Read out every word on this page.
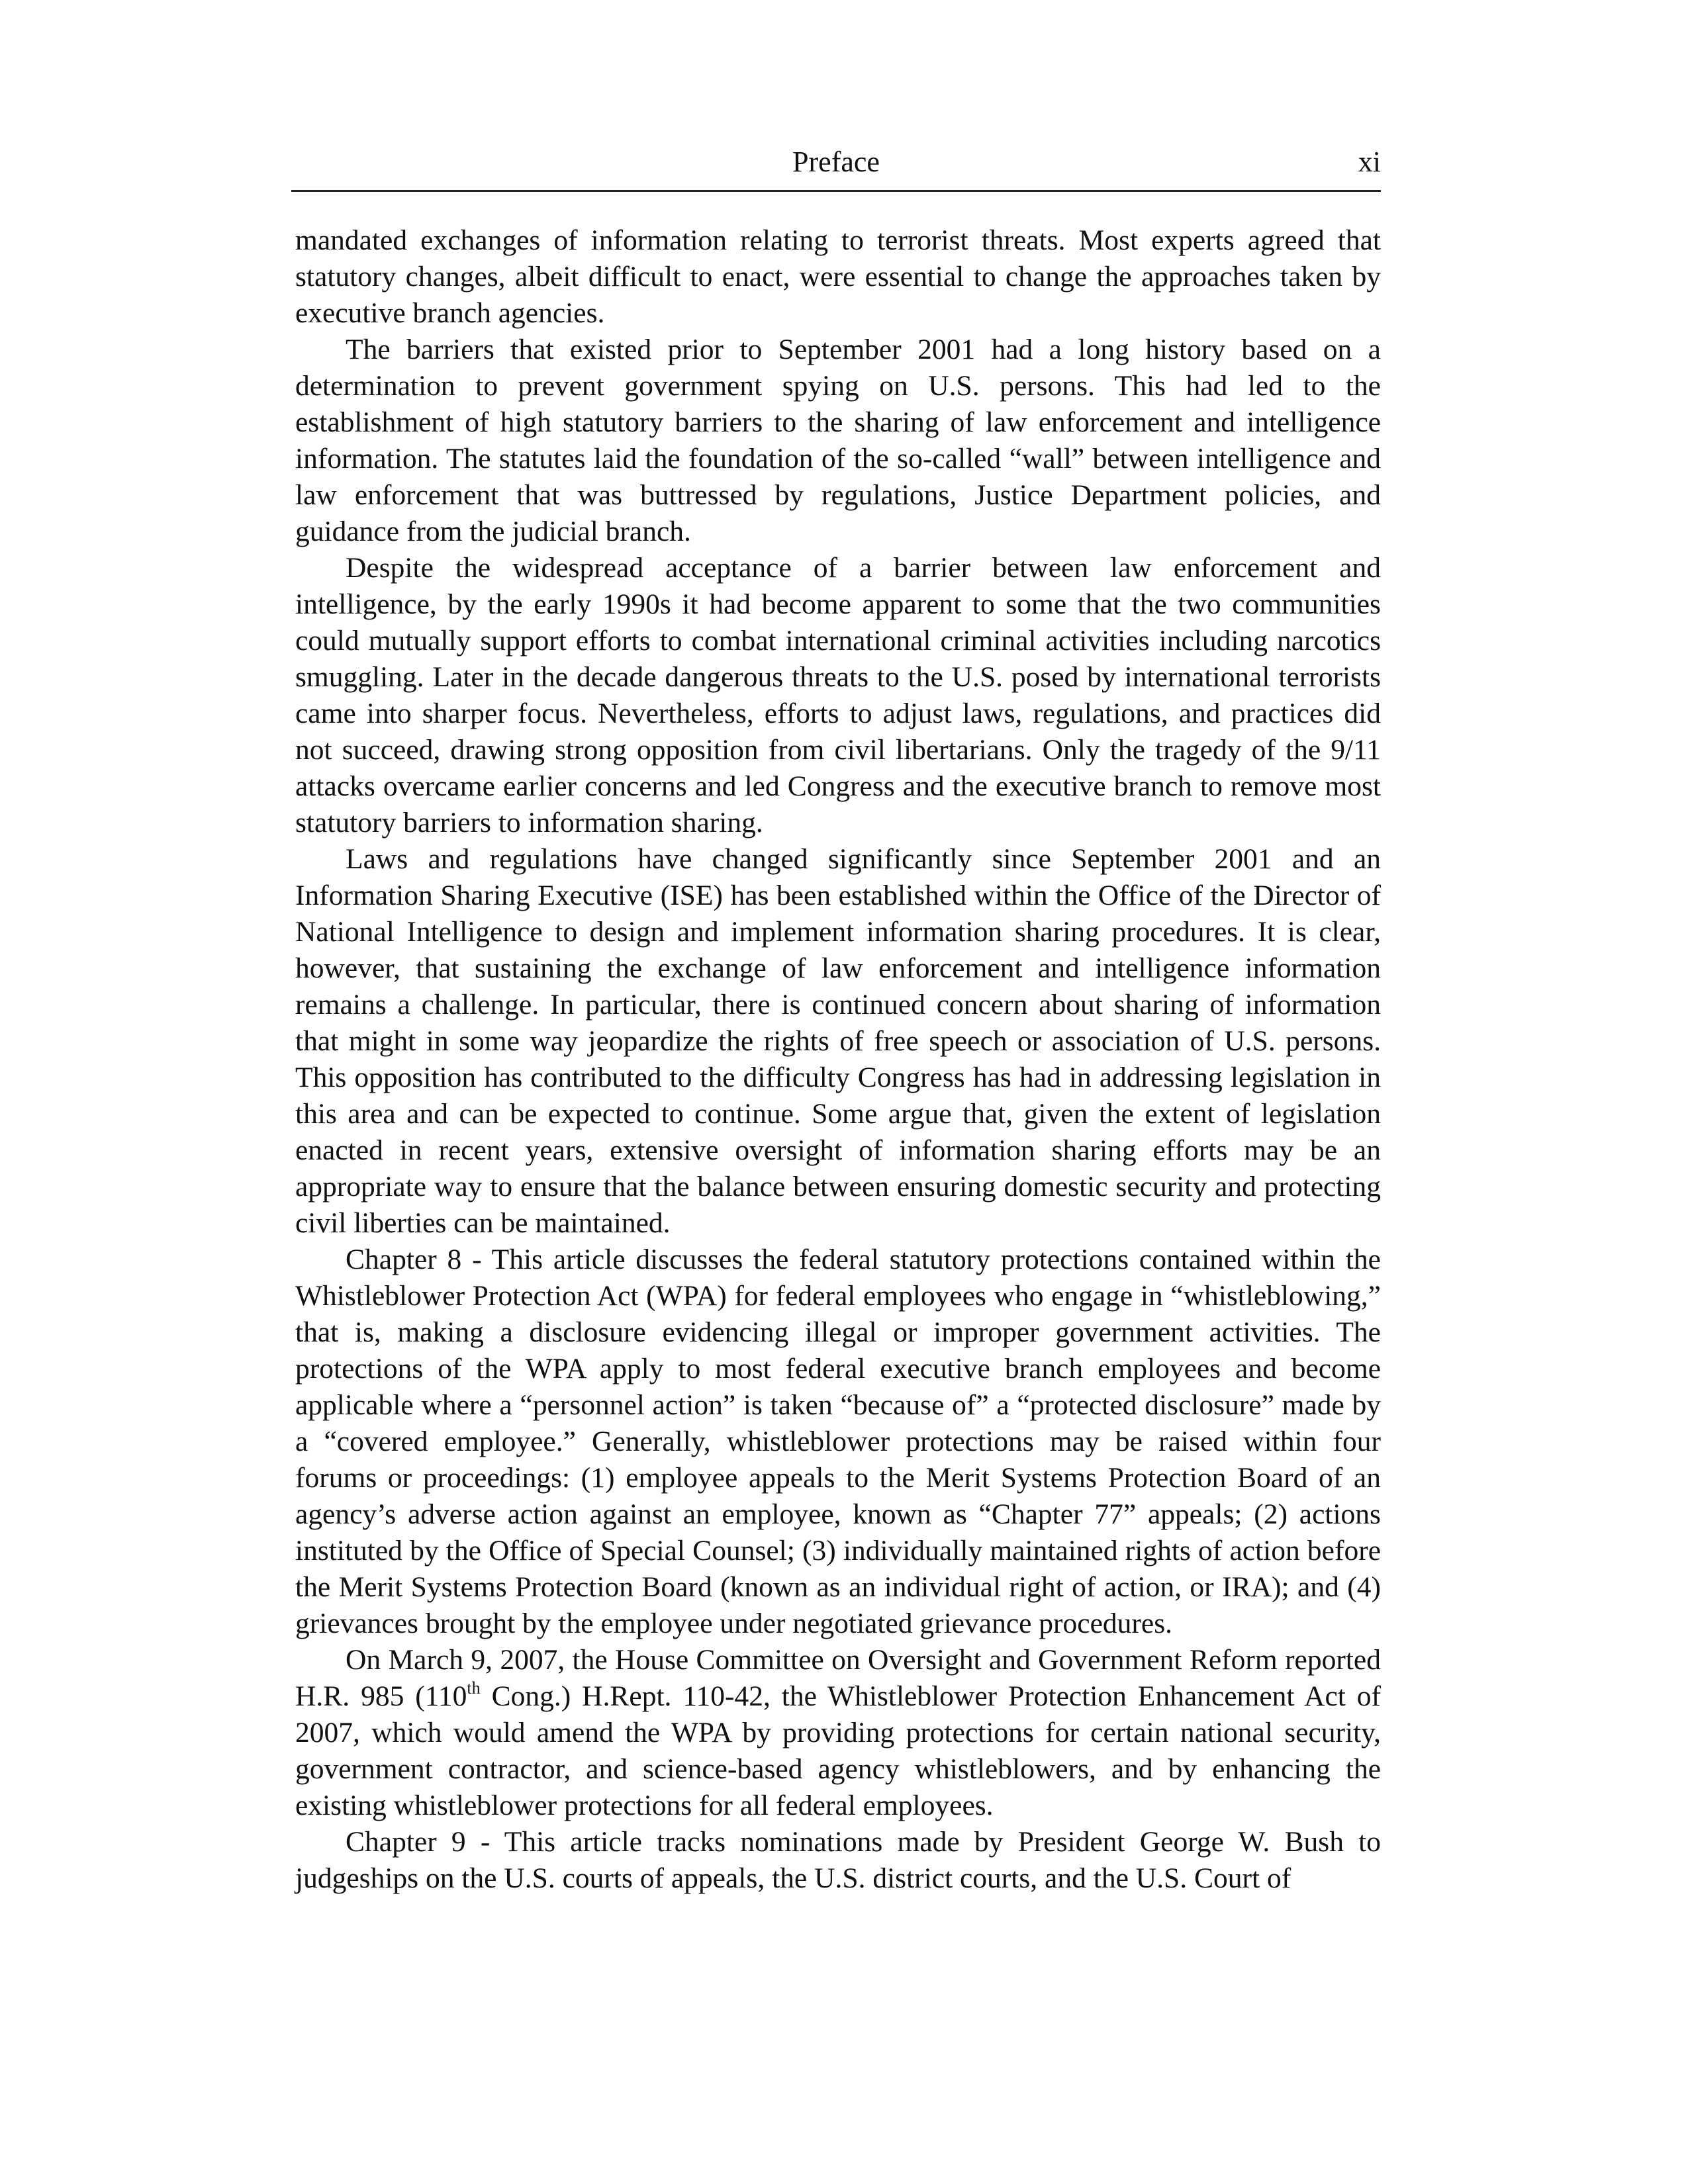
Preface	xi

mandated exchanges of information relating to terrorist threats. Most experts agreed that statutory changes, albeit difficult to enact, were essential to change the approaches taken by executive branch agencies.

The barriers that existed prior to September 2001 had a long history based on a determination to prevent government spying on U.S. persons. This had led to the establishment of high statutory barriers to the sharing of law enforcement and intelligence information. The statutes laid the foundation of the so-called “wall” between intelligence and law enforcement that was buttressed by regulations, Justice Department policies, and guidance from the judicial branch.

Despite the widespread acceptance of a barrier between law enforcement and intelligence, by the early 1990s it had become apparent to some that the two communities could mutually support efforts to combat international criminal activities including narcotics smuggling. Later in the decade dangerous threats to the U.S. posed by international terrorists came into sharper focus. Nevertheless, efforts to adjust laws, regulations, and practices did not succeed, drawing strong opposition from civil libertarians. Only the tragedy of the 9/11 attacks overcame earlier concerns and led Congress and the executive branch to remove most statutory barriers to information sharing.

Laws and regulations have changed significantly since September 2001 and an Information Sharing Executive (ISE) has been established within the Office of the Director of National Intelligence to design and implement information sharing procedures. It is clear, however, that sustaining the exchange of law enforcement and intelligence information remains a challenge. In particular, there is continued concern about sharing of information that might in some way jeopardize the rights of free speech or association of U.S. persons. This opposition has contributed to the difficulty Congress has had in addressing legislation in this area and can be expected to continue. Some argue that, given the extent of legislation enacted in recent years, extensive oversight of information sharing efforts may be an appropriate way to ensure that the balance between ensuring domestic security and protecting civil liberties can be maintained.

Chapter 8 - This article discusses the federal statutory protections contained within the Whistleblower Protection Act (WPA) for federal employees who engage in “whistleblowing,” that is, making a disclosure evidencing illegal or improper government activities. The protections of the WPA apply to most federal executive branch employees and become applicable where a “personnel action” is taken “because of” a “protected disclosure” made by a “covered employee.” Generally, whistleblower protections may be raised within four forums or proceedings: (1) employee appeals to the Merit Systems Protection Board of an agency’s adverse action against an employee, known as “Chapter 77” appeals; (2) actions instituted by the Office of Special Counsel; (3) individually maintained rights of action before the Merit Systems Protection Board (known as an individual right of action, or IRA); and (4) grievances brought by the employee under negotiated grievance procedures.

On March 9, 2007, the House Committee on Oversight and Government Reform reported H.R. 985 (110th Cong.) H.Rept. 110-42, the Whistleblower Protection Enhancement Act of 2007, which would amend the WPA by providing protections for certain national security, government contractor, and science-based agency whistleblowers, and by enhancing the existing whistleblower protections for all federal employees.

Chapter 9 - This article tracks nominations made by President George W. Bush to judgeships on the U.S. courts of appeals, the U.S. district courts, and the U.S. Court of
